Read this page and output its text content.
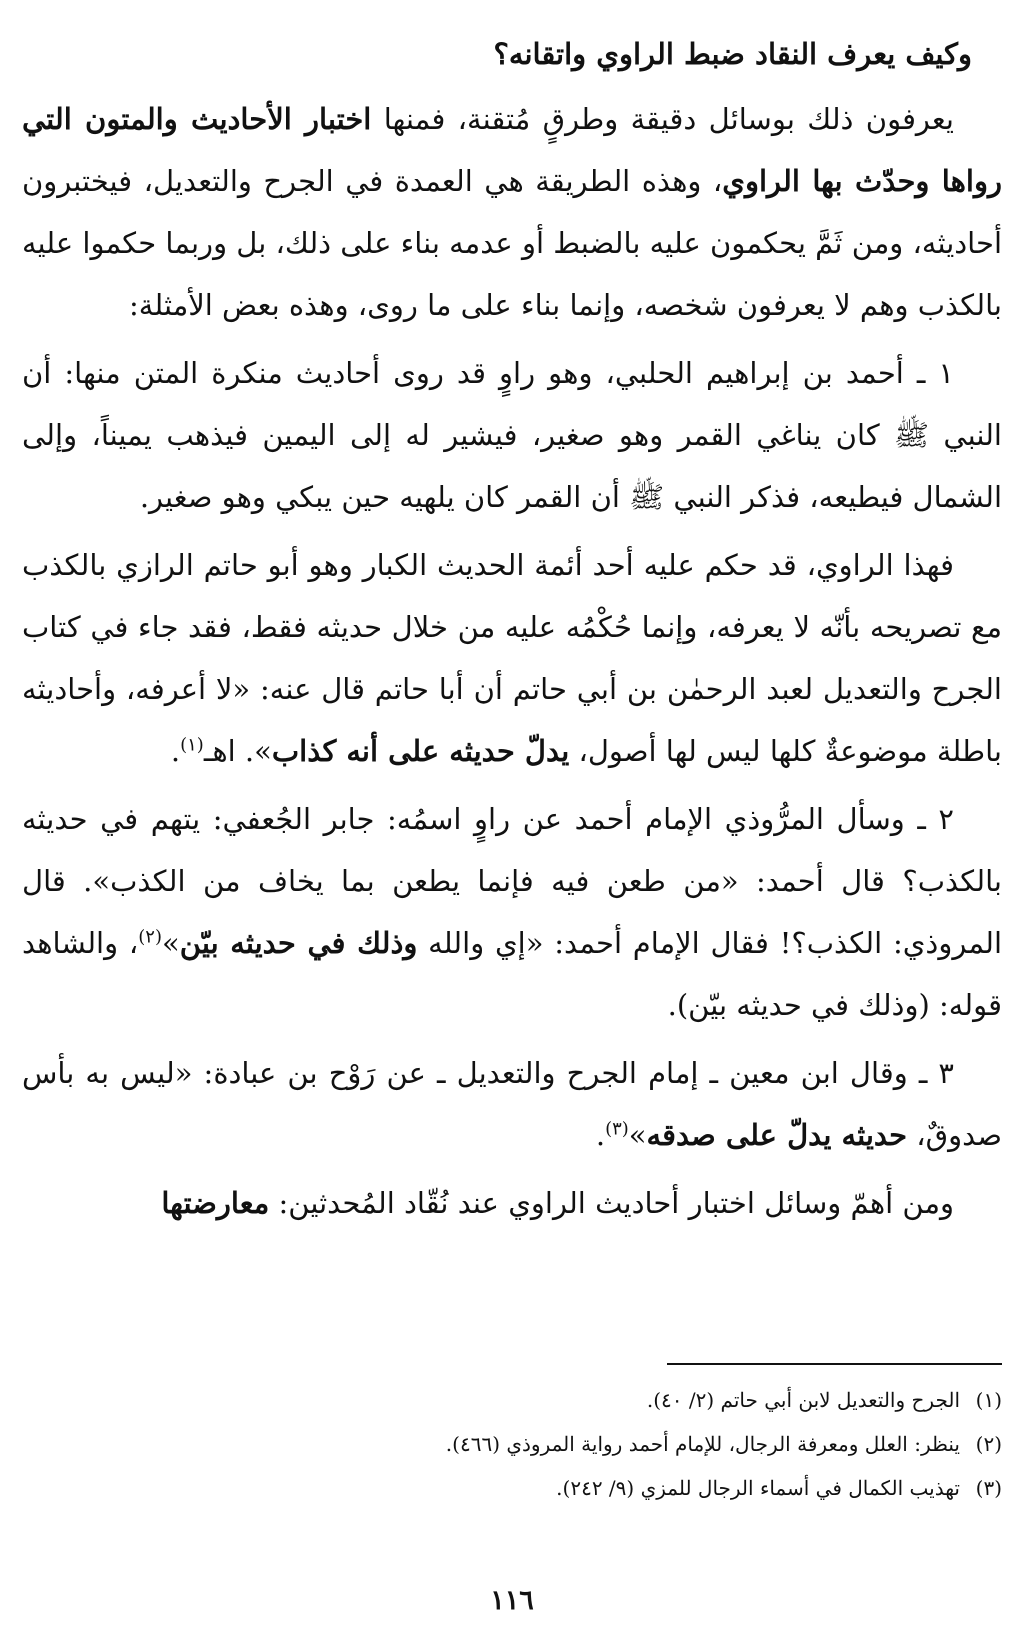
وكيف يعرف النقاد ضبط الراوي واتقانه؟

يعرفون ذلك بوسائل دقيقة وطرقٍ مُتقنة، فمنها اختبار الأحاديث والمتون التي رواها وحدّث بها الراوي، وهذه الطريقة هي العمدة في الجرح والتعديل، فيختبرون أحاديثه، ومن ثَمَّ يحكمون عليه بالضبط أو عدمه بناء على ذلك، بل وربما حكموا عليه بالكذب وهم لا يعرفون شخصه، وإنما بناء على ما روى، وهذه بعض الأمثلة:

١ ـ أحمد بن إبراهيم الحلبي، وهو راوٍ قد روى أحاديث منكرة المتن منها: أن النبي ﷺ كان يناغي القمر وهو صغير، فيشير له إلى اليمين فيذهب يميناً، وإلى الشمال فيطيعه، فذكر النبي ﷺ أن القمر كان يلهيه حين يبكي وهو صغير.

فهذا الراوي، قد حكم عليه أحد أئمة الحديث الكبار وهو أبو حاتم الرازي بالكذب مع تصريحه بأنّه لا يعرفه، وإنما حُكْمُه عليه من خلال حديثه فقط، فقد جاء في كتاب الجرح والتعديل لعبد الرحمٰن بن أبي حاتم أن أبا حاتم قال عنه: «لا أعرفه، وأحاديثه باطلة موضوعةٌ كلها ليس لها أصول، يدلّ حديثه على أنه كذاب». اهـ$^{(١)}$.

٢ ـ وسأل المرُّوذي الإمام أحمد عن راوٍ اسمُه: جابر الجُعفي: يتهم في حديثه بالكذب؟ قال أحمد: «من طعن فيه فإنما يطعن بما يخاف من الكذب». قال المروذي: الكذب؟! فقال الإمام أحمد: «إي والله وذلك في حديثه بيّن»$^{(٢)}$، والشاهد قوله: (وذلك في حديثه بيّن).

٣ ـ وقال ابن معين ـ إمام الجرح والتعديل ـ عن رَوْح بن عبادة: «ليس به بأس صدوقٌ، حديثه يدلّ على صدقه»$^{(٣)}$.

ومن أهمّ وسائل اختبار أحاديث الراوي عند نُقّاد المُحدثين: معارضتها

(١)الجرح والتعديل لابن أبي حاتم (٢/ ٤٠).
(٢)ينظر: العلل ومعرفة الرجال، للإمام أحمد رواية المروذي (٤٦٦).
(٣)تهذيب الكمال في أسماء الرجال للمزي (٩/ ٢٤٢).
١١٦
